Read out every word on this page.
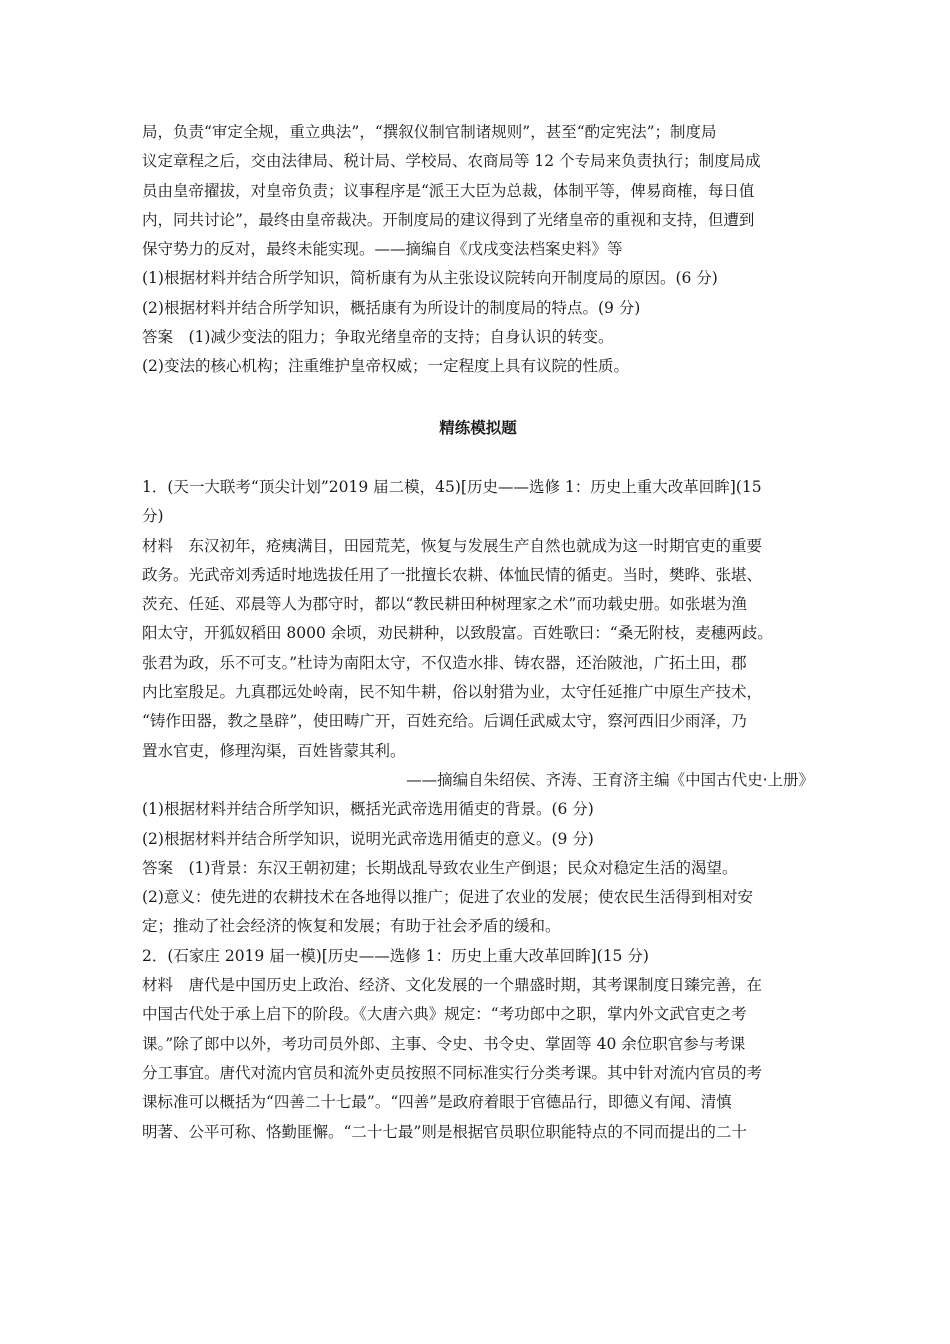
局，负责“审定全规，重立典法”，“撰叙仪制官制诸规则”，甚至“酌定宪法”；制度局

议定章程之后，交由法律局、税计局、学校局、农商局等 12 个专局来负责执行；制度局成

员由皇帝擢拔，对皇帝负责；议事程序是“派王大臣为总裁，体制平等，俾易商榷，每日值

内，同共讨论”，最终由皇帝裁决。开制度局的建议得到了光绪皇帝的重视和支持，但遭到

保守势力的反对，最终未能实现。——摘编自《戊戌变法档案史料》等

(1)根据材料并结合所学知识，简析康有为从主张设议院转向开制度局的原因。(6 分)

(2)根据材料并结合所学知识，概括康有为所设计的制度局的特点。(9 分)

答案　(1)减少变法的阻力；争取光绪皇帝的支持；自身认识的转变。

(2)变法的核心机构；注重维护皇帝权威；一定程度上具有议院的性质。

精练模拟题

1．(天一大联考“顶尖计划”2019 届二模，45)[历史——选修 1：历史上重大改革回眸](15

分)

材料　东汉初年，疮痍满目，田园荒芜，恢复与发展生产自然也就成为这一时期官吏的重要

政务。光武帝刘秀适时地选拔任用了一批擅长农耕、体恤民情的循吏。当时，樊晔、张堪、

茨充、任延、邓晨等人为郡守时，都以“教民耕田种树理家之术”而功载史册。如张堪为渔

阳太守，开狐奴稻田 8000 余顷，劝民耕种，以致殷富。百姓歌曰：“桑无附枝，麦穗两歧。

张君为政，乐不可支。”杜诗为南阳太守，不仅造水排、铸农器，还治陂池，广拓土田，郡

内比室殷足。九真郡远处岭南，民不知牛耕，俗以射猎为业，太守任延推广中原生产技术，

“铸作田器，教之垦辟”，使田畴广开，百姓充给。后调任武威太守，察河西旧少雨泽，乃

置水官吏，修理沟渠，百姓皆蒙其利。

——摘编自朱绍侯、齐涛、王育济主编《中国古代史·上册》

(1)根据材料并结合所学知识，概括光武帝选用循吏的背景。(6 分)

(2)根据材料并结合所学知识，说明光武帝选用循吏的意义。(9 分)

答案　(1)背景：东汉王朝初建；长期战乱导致农业生产倒退；民众对稳定生活的渴望。

(2)意义：使先进的农耕技术在各地得以推广；促进了农业的发展；使农民生活得到相对安

定；推动了社会经济的恢复和发展；有助于社会矛盾的缓和。

2．(石家庄 2019 届一模)[历史——选修 1：历史上重大改革回眸](15 分)

材料　唐代是中国历史上政治、经济、文化发展的一个鼎盛时期，其考课制度日臻完善，在

中国古代处于承上启下的阶段。《大唐六典》规定：“考功郎中之职，掌内外文武官吏之考

课。”除了郎中以外，考功司员外郎、主事、令史、书令史、掌固等 40 余位职官参与考课

分工事宜。唐代对流内官员和流外吏员按照不同标准实行分类考课。其中针对流内官员的考

课标准可以概括为“四善二十七最”。“四善”是政府着眼于官德品行，即德义有闻、清慎

明著、公平可称、恪勤匪懈。“二十七最”则是根据官员职位职能特点的不同而提出的二十
